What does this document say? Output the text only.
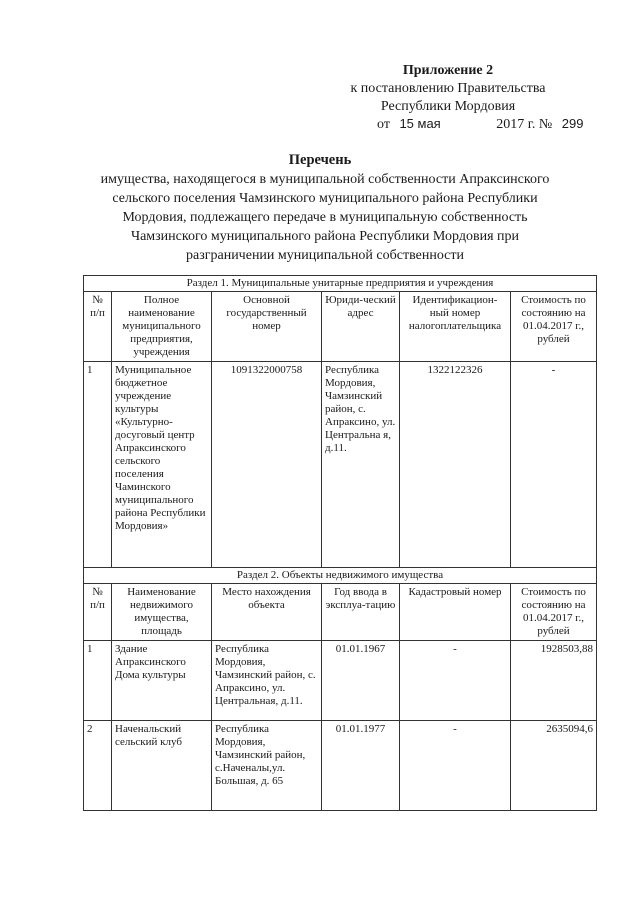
Приложение 2
к постановлению Правительства
Республики Мордовия
от 15 мая	2017 г. № 299
Перечень
имущества, находящегося в муниципальной собственности Апраксинского
сельского поселения Чамзинского муниципального района Республики
Мордовия, подлежащего передаче в муниципальную собственность
Чамзинского муниципального района Республики Мордовия при
разграничении муниципальной собственности
Раздел 1. Муниципальные унитарные предприятия и учреждения					
№ п/п	Полное наименование муниципального предприятия, учреждения	Основной государственный номер	Юриди-ческий адрес	Идентификацион-ный номер налогоплательщика	Стоимость по состоянию на 01.04.2017 г., рублей
1	Муниципальное бюджетное учреждение культуры «Культурно-досуговый центр Апраксинского сельского поселения Чаминского муниципального района Республики Мордовия»	1091322000758	Республика Мордовия, Чамзинский район, с. Апраксино, ул. Центральна я, д.11.	1322122326	-
Раздел 2. Объекты недвижимого имущества					
№ п/п	Наименование недвижимого имущества, площадь	Место нахождения объекта	Год ввода в эксплуа-тацию	Кадастровый номер	Стоимость по состоянию на 01.04.2017 г., рублей
1	Здание Апраксинского Дома культуры	Республика Мордовия, Чамзинский район, с. Апраксино, ул. Центральная, д.11.	01.01.1967	-	1928503,88
2	Наченальский сельский клуб	Республика Мордовия, Чамзинский район, с.Наченалы,ул. Большая, д. 65	01.01.1977	-	2635094,6
